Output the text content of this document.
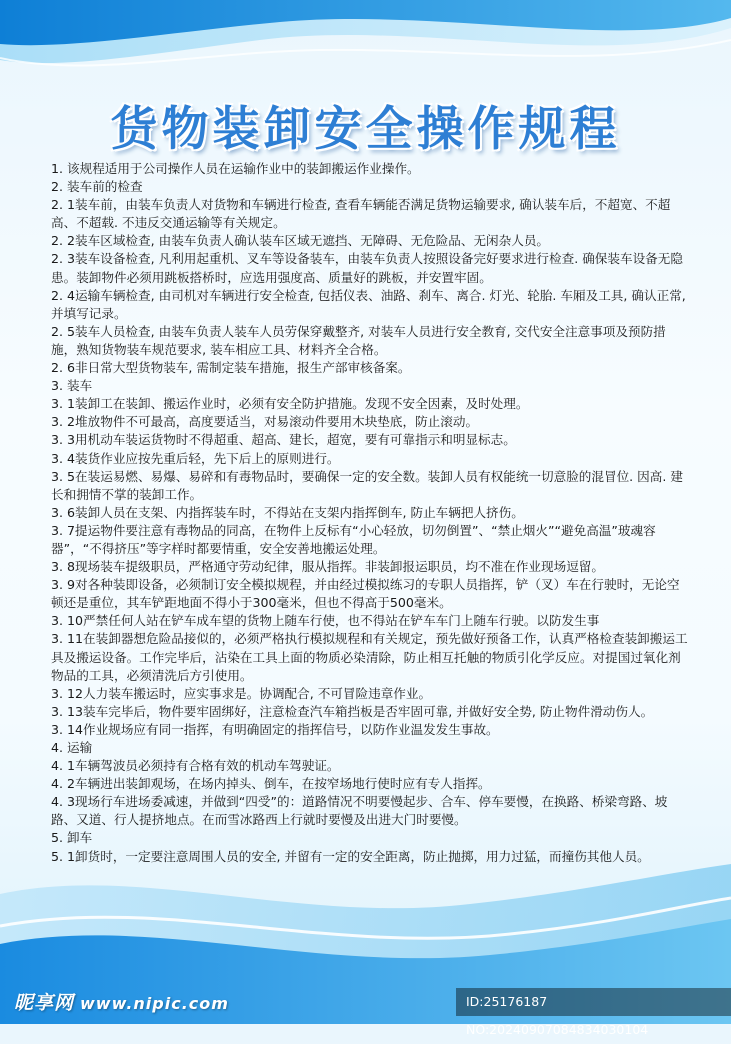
货物装卸安全操作规程

1. 该规程适用于公司操作人员在运输作业中的装卸搬运作业操作。

2. 装车前的检查

2. 1装车前，由装车负责人对货物和车辆进行检查, 查看车辆能否满足货物运输要求, 确认装车后，不超宽、不超高、不超载. 不违反交通运输等有关规定。

2. 2装车区域检查, 由装车负责人确认装车区域无遮挡、无障碍、无危险品、无闲杂人员。

2. 3装车设备检查, 凡利用起重机、叉车等设备装车，由装车负责人按照设备完好要求进行检查. 确保装车设备无隐患。装卸物件必须用跳板搭桥时，应选用强度高、质量好的跳板，并安置牢固。

2. 4运输车辆检查, 由司机对车辆进行安全检查, 包括仪表、油路、刹车、离合. 灯光、轮胎. 车厢及工具, 确认正常, 并填写记录。

2. 5装车人员检查, 由装车负责人装车人员劳保穿戴整齐, 对装车人员进行安全教育, 交代安全注意事项及预防措施，熟知货物装车规范要求, 装车相应工具、材料齐全合格。

2. 6非日常大型货物装车, 需制定装车措施，报生产部审核备案。

3. 装车

3. 1装卸工在装卸、搬运作业时，必须有安全防护措施。发现不安全因素，及时处理。

3. 2堆放物件不可最高，高度要适当，对易滚动件要用木块垫底，防止滚动。

3. 3用机动车装运货物时不得超重、超高、建长，超宽，要有可靠指示和明显标志。

3. 4装货作业应按先重后轻，先下后上的原则进行。

3. 5在装运易燃、易爆、易碎和有毒物品时，要确保一定的安全数。装卸人员有权能统一切意脸的混冒位. 因高. 建长和拥情不掌的装卸工作。

3. 6装卸人员在支架、内指挥装车时，不得站在支架内指挥倒车, 防止车辆把人挤伤。

3. 7提运物件要注意有毒物品的同高，在物件上反标有“小心轻放，切勿倒置”、“禁止烟火”“避免高温”玻魂容器”，“不得挤压”等字样时都要情重，安全安善地搬运处理。

3. 8现场装车提级职员，严格通守劳动纪律，服从指挥。非装卸报运职员，均不准在作业现场逗留。

3. 9对各种装即设备，必须制订安全模拟规程，并由经过模拟练习的专职人员指挥，铲（叉）车在行驶时，无论空顿还是重位，其车铲距地面不得小于300毫米，但也不得高于500毫米。

3. 10严禁任何人站在铲车成车望的货物上随车行使，也不得站在铲车车门上随车行驶。以防发生事

3. 11在装卸器想危险品接似的，必须严格执行模拟规程和有关规定，预先做好预备工作，认真严格检查装卸搬运工具及搬运设备。工作完毕后，沾染在工具上面的物质必染清除，防止相互托触的物质引化学反应。对提国过氧化剂物品的工具，必须清洗后方引使用。

3. 12人力装车搬运时，应实事求是。协调配合, 不可冒险违章作业。

3. 13装车完毕后，物件要牢固绑好，注意检查汽车箱挡板是否牢固可靠, 并做好安全势, 防止物件滑动伤人。

3. 14作业规场应有同一指挥，有明确固定的指挥信号，以防作业温发发生事故。

4. 运输

4. 1车辆驾波员必须持有合格有效的机动车驾驶证。

4. 2车辆进出装卸观场，在场内掉头、倒车，在按窄场地行使时应有专人指挥。

4. 3现场行车进场委减速，并做到“四受”的：道路情况不明要慢起步、合车、停车要慢，在换路、桥梁弯路、坡路、又道、行人提挤地点。在而雪冰路西上行就时要慢及出进大门时要慢。

5. 卸车

5. 1卸货时，一定要注意周围人员的安全, 并留有一定的安全距离，防止抛掷，用力过猛，而撞伤其他人员。

昵享网 www.nipic.com	ID:25176187 NO:20240907084834030104
